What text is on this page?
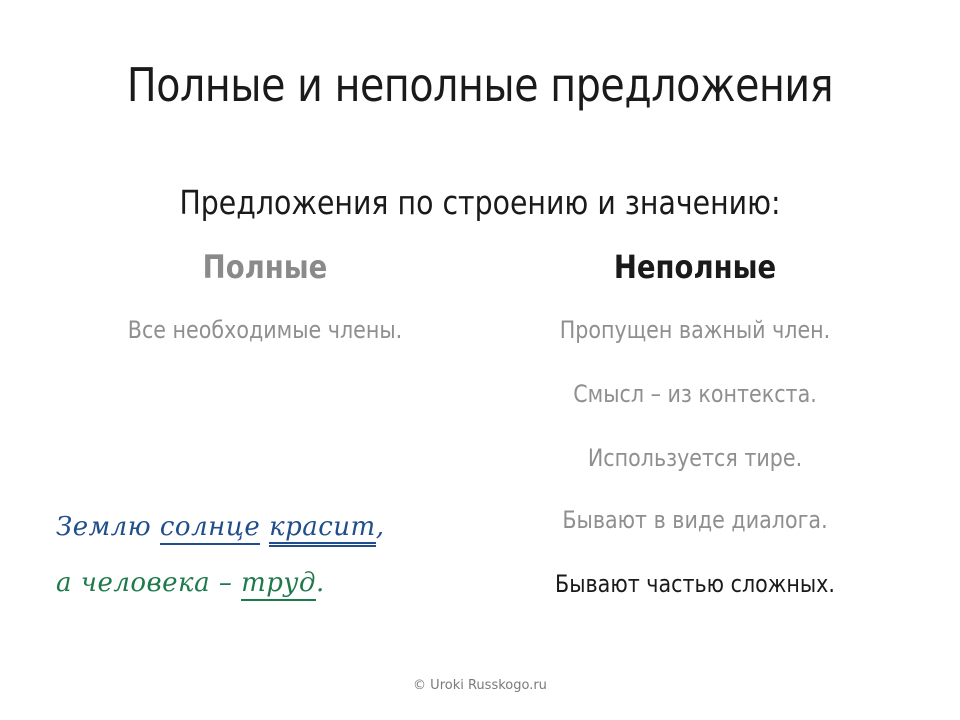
Полные и неполные предложения
Предложения по строению и значению:
Полные	Неполные
Все необходимые члены.	Пропущен важный член.
Смысл – из контекста.
Используется тире.
Бывают в виде диалога.
Бывают частью сложных.
Землю солнце красит,
а человека – труд.
© Uroki Russkogo.ru
